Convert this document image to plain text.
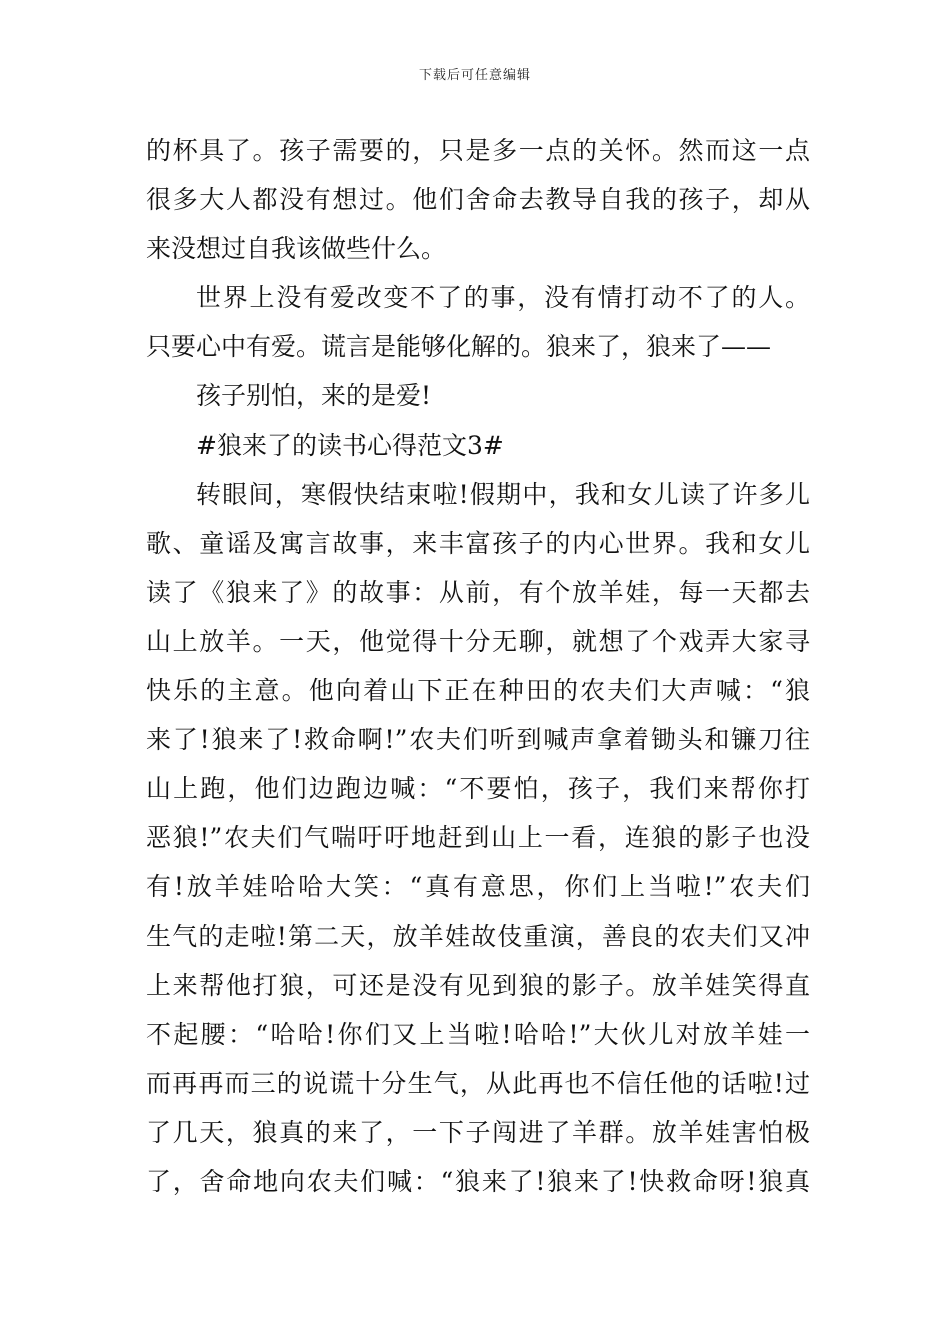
下载后可任意编辑
的杯具了。孩子需要的，只是多一点的关怀。然而这一点
很多大人都没有想过。他们舍命去教导自我的孩子，却从
来没想过自我该做些什么。
世界上没有爱改变不了的事，没有情打动不了的人。
只要心中有爱。谎言是能够化解的。狼来了，狼来了——
孩子别怕，来的是爱!
#狼来了的读书心得范文3#
转眼间，寒假快结束啦!假期中，我和女儿读了许多儿
歌、童谣及寓言故事，来丰富孩子的内心世界。我和女儿
读了《狼来了》的故事：从前，有个放羊娃，每一天都去
山上放羊。一天，他觉得十分无聊，就想了个戏弄大家寻
快乐的主意。他向着山下正在种田的农夫们大声喊：“狼
来了!狼来了!救命啊!”农夫们听到喊声拿着锄头和镰刀往
山上跑，他们边跑边喊：“不要怕，孩子，我们来帮你打
恶狼!”农夫们气喘吁吁地赶到山上一看，连狼的影子也没
有!放羊娃哈哈大笑：“真有意思，你们上当啦!”农夫们
生气的走啦!第二天，放羊娃故伎重演，善良的农夫们又冲
上来帮他打狼，可还是没有见到狼的影子。放羊娃笑得直
不起腰：“哈哈!你们又上当啦!哈哈!”大伙儿对放羊娃一
而再再而三的说谎十分生气，从此再也不信任他的话啦!过
了几天，狼真的来了，一下子闯进了羊群。放羊娃害怕极
了，舍命地向农夫们喊：“狼来了!狼来了!快救命呀!狼真
